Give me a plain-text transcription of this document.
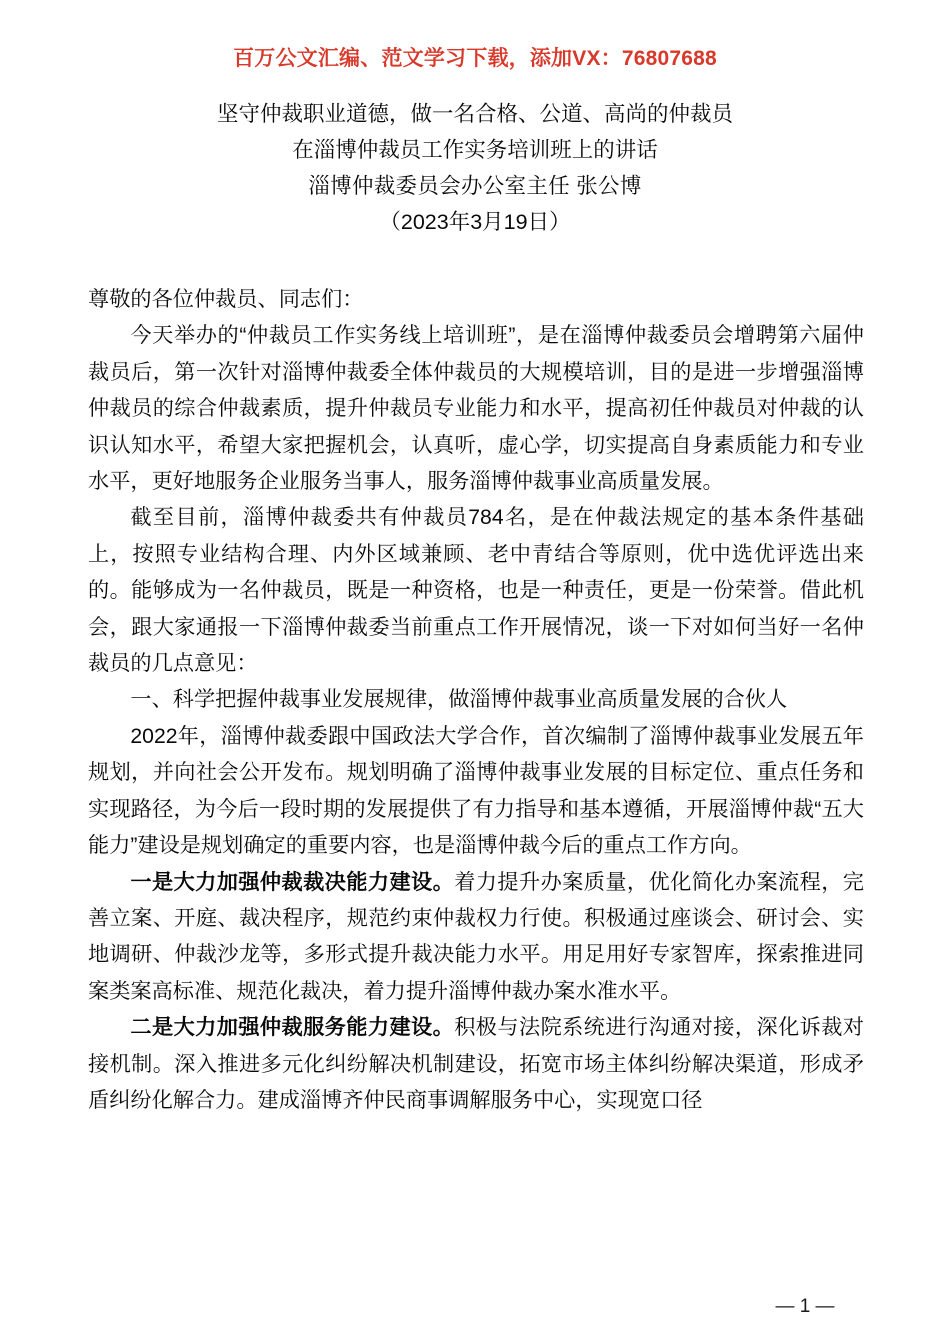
百万公文汇编、范文学习下载，添加VX：76807688
坚守仲裁职业道德，做一名合格、公道、高尚的仲裁员
在淄博仲裁员工作实务培训班上的讲话
淄博仲裁委员会办公室主任 张公博
（2023年3月19日）

尊敬的各位仲裁员、同志们：

今天举办的“仲裁员工作实务线上培训班”，是在淄博仲裁委员会增聘第六届仲裁员后，第一次针对淄博仲裁委全体仲裁员的大规模培训，目的是进一步增强淄博仲裁员的综合仲裁素质，提升仲裁员专业能力和水平，提高初任仲裁员对仲裁的认识认知水平，希望大家把握机会，认真听，虚心学，切实提高自身素质能力和专业水平，更好地服务企业服务当事人，服务淄博仲裁事业高质量发展。

截至目前，淄博仲裁委共有仲裁员784名，是在仲裁法规定的基本条件基础上，按照专业结构合理、内外区域兼顾、老中青结合等原则，优中选优评选出来的。能够成为一名仲裁员，既是一种资格，也是一种责任，更是一份荣誉。借此机会，跟大家通报一下淄博仲裁委当前重点工作开展情况，谈一下对如何当好一名仲裁员的几点意见：

一、科学把握仲裁事业发展规律，做淄博仲裁事业高质量发展的合伙人

2022年，淄博仲裁委跟中国政法大学合作，首次编制了淄博仲裁事业发展五年规划，并向社会公开发布。规划明确了淄博仲裁事业发展的目标定位、重点任务和实现路径，为今后一段时期的发展提供了有力指导和基本遵循，开展淄博仲裁“五大能力”建设是规划确定的重要内容，也是淄博仲裁今后的重点工作方向。

一是大力加强仲裁裁决能力建设。着力提升办案质量，优化简化办案流程，完善立案、开庭、裁决程序，规范约束仲裁权力行使。积极通过座谈会、研讨会、实地调研、仲裁沙龙等，多形式提升裁决能力水平。用足用好专家智库，探索推进同案类案高标准、规范化裁决，着力提升淄博仲裁办案水准水平。

二是大力加强仲裁服务能力建设。积极与法院系统进行沟通对接，深化诉裁对接机制。深入推进多元化纠纷解决机制建设，拓宽市场主体纠纷解决渠道，形成矛盾纠纷化解合力。建成淄博齐仲民商事调解服务中心，实现宽口径

— 1 —
